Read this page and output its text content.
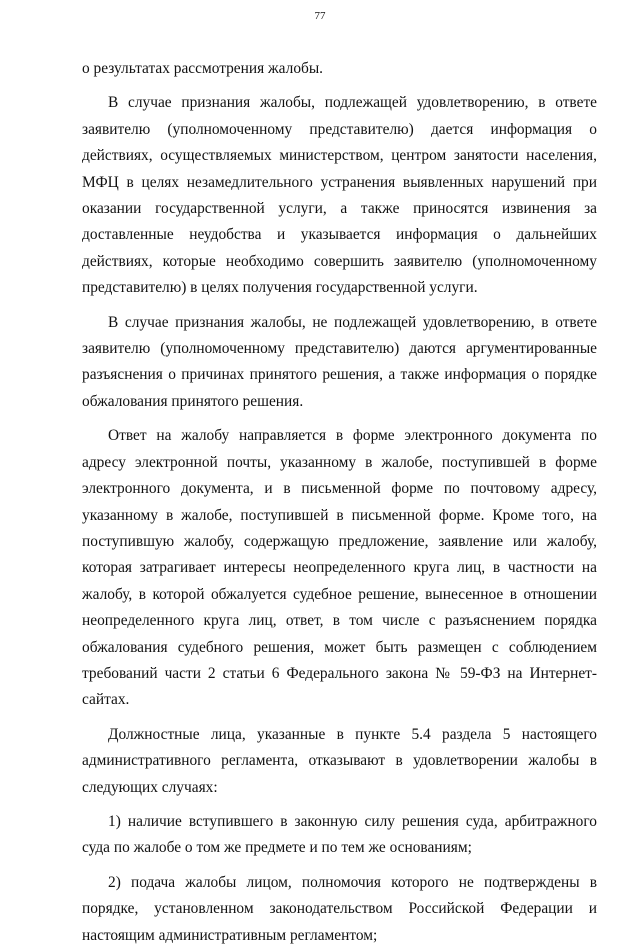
77

о результатах рассмотрения жалобы.

В случае признания жалобы, подлежащей удовлетворению, в ответе заявителю (уполномоченному представителю) дается информация о действиях, осуществляемых министерством, центром занятости населения, МФЦ в целях незамедлительного устранения выявленных нарушений при оказании государственной услуги, а также приносятся извинения за доставленные неудобства и указывается информация о дальнейших действиях, которые необходимо совершить заявителю (уполномоченному представителю) в целях получения государственной услуги.

В случае признания жалобы, не подлежащей удовлетворению, в ответе заявителю (уполномоченному представителю) даются аргументированные разъяснения о причинах принятого решения, а также информация о порядке обжалования принятого решения.

Ответ на жалобу направляется в форме электронного документа по адресу электронной почты, указанному в жалобе, поступившей в форме электронного документа, и в письменной форме по почтовому адресу, указанному в жалобе, поступившей в письменной форме. Кроме того, на поступившую жалобу, содержащую предложение, заявление или жалобу, которая затрагивает интересы неопределенного круга лиц, в частности на жалобу, в которой обжалуется судебное решение, вынесенное в отношении неопределенного круга лиц, ответ, в том числе с разъяснением порядка обжалования судебного решения, может быть размещен с соблюдением требований части 2 статьи 6 Федерального закона № 59-ФЗ на Интернет-сайтах.

Должностные лица, указанные в пункте 5.4 раздела 5 настоящего административного регламента, отказывают в удовлетворении жалобы в следующих случаях:

1) наличие вступившего в законную силу решения суда, арбитражного суда по жалобе о том же предмете и по тем же основаниям;

2) подача жалобы лицом, полномочия которого не подтверждены в порядке, установленном законодательством Российской Федерации и настоящим административным регламентом;
